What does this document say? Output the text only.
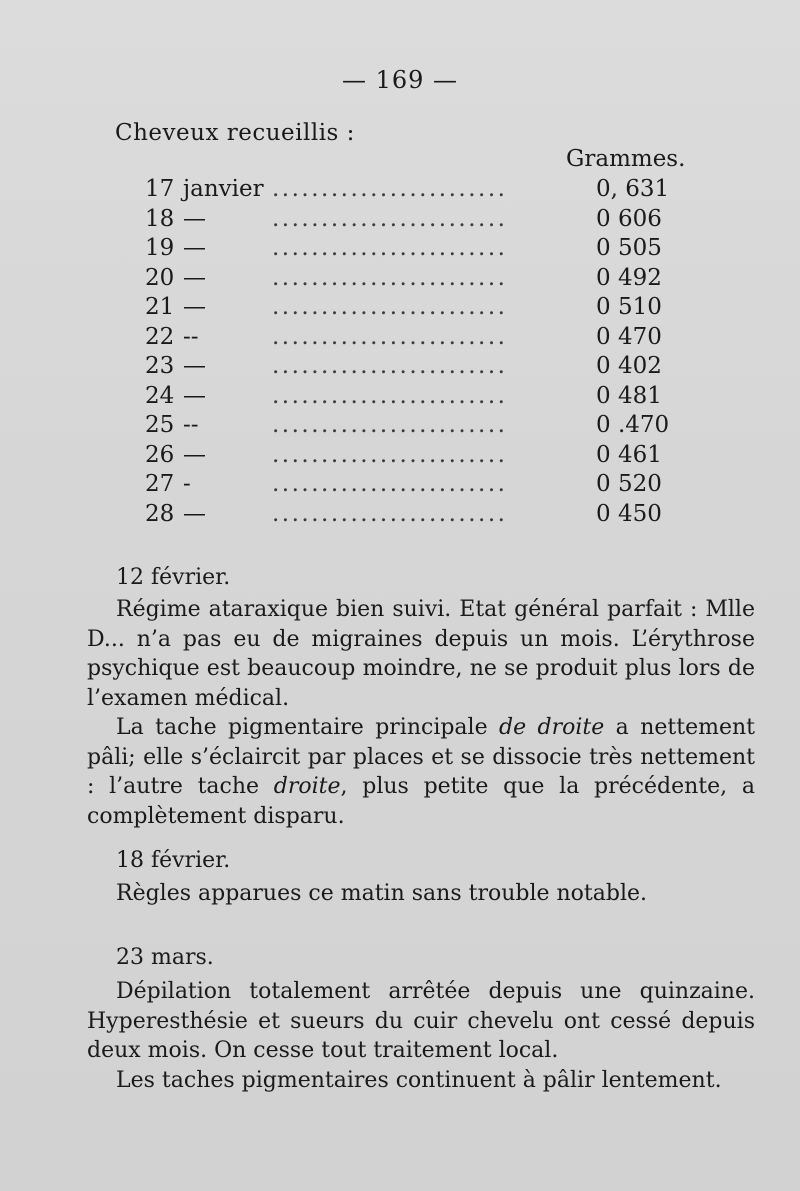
— 169 —
Cheveux recueillis :
Grammes.
17 janvier ........................	0, 631
18 —	........................	0 606
19 —	........................	0 505
20 —	........................	0 492
21 —	........................	0 510
22 --	........................	0 470
23 —	........................	0 402
24 —	........................	0 481
25 --	........................	0 .470
26 —	........................	0 461
27 -	........................	0 520
28 —	........................	0 450
12 février.

Régime ataraxique bien suivi. Etat général parfait : Mlle D... n’a pas eu de migraines depuis un mois. L’érythrose psychique est beaucoup moindre, ne se produit plus lors de l’examen médical.

La tache pigmentaire principale de droite a nettement pâli; elle s’éclaircit par places et se dissocie très nettement : l’autre tache droite, plus petite que la précédente, a complètement disparu.

18 février.

Règles apparues ce matin sans trouble notable.

23 mars.

Dépilation totalement arrêtée depuis une quinzaine. Hyperesthésie et sueurs du cuir chevelu ont cessé depuis deux mois. On cesse tout traitement local.

Les taches pigmentaires continuent à pâlir lentement.
